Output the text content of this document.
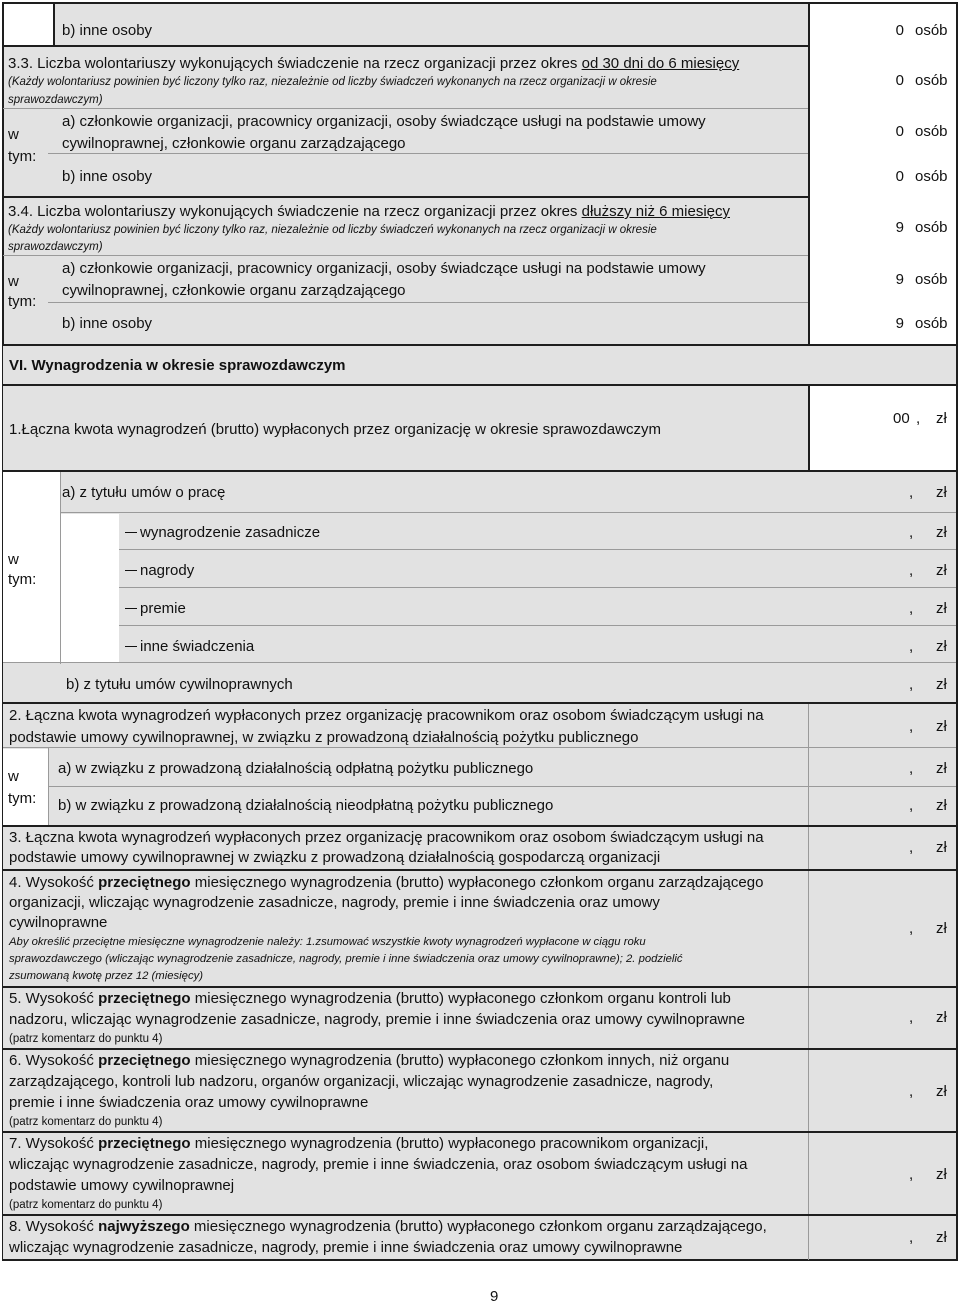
b) inne osoby	0 osób
3.3. Liczba wolontariuszy wykonujących świadczenie na rzecz organizacji przez okres od 30 dni do 6 miesięcy
(Każdy wolontariusz powinien być liczony tylko raz, niezależnie od liczby świadczeń wykonanych na rzecz organizacji w okresie
sprawozdawczym)
0 osób
w
tym:
a) członkowie organizacji, pracownicy organizacji, osoby świadczące usługi na podstawie umowy
cywilnoprawnej, członkowie organu zarządzającego
0 osób
b) inne osoby	0 osób
3.4. Liczba wolontariuszy wykonujących świadczenie na rzecz organizacji przez okres dłuższy niż 6 miesięcy
(Każdy wolontariusz powinien być liczony tylko raz, niezależnie od liczby świadczeń wykonanych na rzecz organizacji w okresie
sprawozdawczym)
9 osób
w
tym:
a) członkowie organizacji, pracownicy organizacji, osoby świadczące usługi na podstawie umowy
cywilnoprawnej, członkowie organu zarządzającego
9 osób
b) inne osoby	9 osób
VI. Wynagrodzenia w okresie sprawozdawczym
1.Łączna kwota wynagrodzeń (brutto) wypłaconych przez organizację w okresie sprawozdawczym
00 , zł
a) z tytułu umów o pracę	, zł
w
tym:
wynagrodzenie zasadnicze	, zł
nagrody	, zł
premie	, zł
inne świadczenia	, zł
b) z tytułu umów cywilnoprawnych	, zł
2. Łączna kwota wynagrodzeń wypłaconych przez organizację pracownikom oraz osobom świadczącym usługi na
podstawie umowy cywilnoprawnej, w związku z prowadzoną działalnością pożytku publicznego
, zł
w
tym:
a) w związku z prowadzoną działalnością odpłatną pożytku publicznego	, zł
b) w związku z prowadzoną działalnością nieodpłatną pożytku publicznego	, zł
3. Łączna kwota wynagrodzeń wypłaconych przez organizację pracownikom oraz osobom świadczącym usługi na
podstawie umowy cywilnoprawnej w związku z prowadzoną działalnością gospodarczą organizacji
, zł
4. Wysokość przeciętnego miesięcznego wynagrodzenia (brutto) wypłaconego członkom organu zarządzającego
organizacji, wliczając wynagrodzenie zasadnicze, nagrody, premie i inne świadczenia oraz umowy
cywilnoprawne
Aby określić przeciętne miesięczne wynagrodzenie należy: 1.zsumować wszystkie kwoty wynagrodzeń wypłacone w ciągu roku
sprawozdawczego (wliczając wynagrodzenie zasadnicze, nagrody, premie i inne świadczenia oraz umowy cywilnoprawne); 2. podzielić
zsumowaną kwotę przez 12 (miesięcy)
, zł
5. Wysokość przeciętnego miesięcznego wynagrodzenia (brutto) wypłaconego członkom organu kontroli lub
nadzoru, wliczając wynagrodzenie zasadnicze, nagrody, premie i inne świadczenia oraz umowy cywilnoprawne
(patrz komentarz do punktu 4)
, zł
6. Wysokość przeciętnego miesięcznego wynagrodzenia (brutto) wypłaconego członkom innych, niż organu
zarządzającego, kontroli lub nadzoru, organów organizacji, wliczając wynagrodzenie zasadnicze, nagrody,
premie i inne świadczenia oraz umowy cywilnoprawne
(patrz komentarz do punktu 4)
, zł
7. Wysokość przeciętnego miesięcznego wynagrodzenia (brutto) wypłaconego pracownikom organizacji,
wliczając wynagrodzenie zasadnicze, nagrody, premie i inne świadczenia, oraz osobom świadczącym usługi na
podstawie umowy cywilnoprawnej
(patrz komentarz do punktu 4)
, zł
8. Wysokość najwyższego miesięcznego wynagrodzenia (brutto) wypłaconego członkom organu zarządzającego,
wliczając wynagrodzenie zasadnicze, nagrody, premie i inne świadczenia oraz umowy cywilnoprawne
, zł
9
